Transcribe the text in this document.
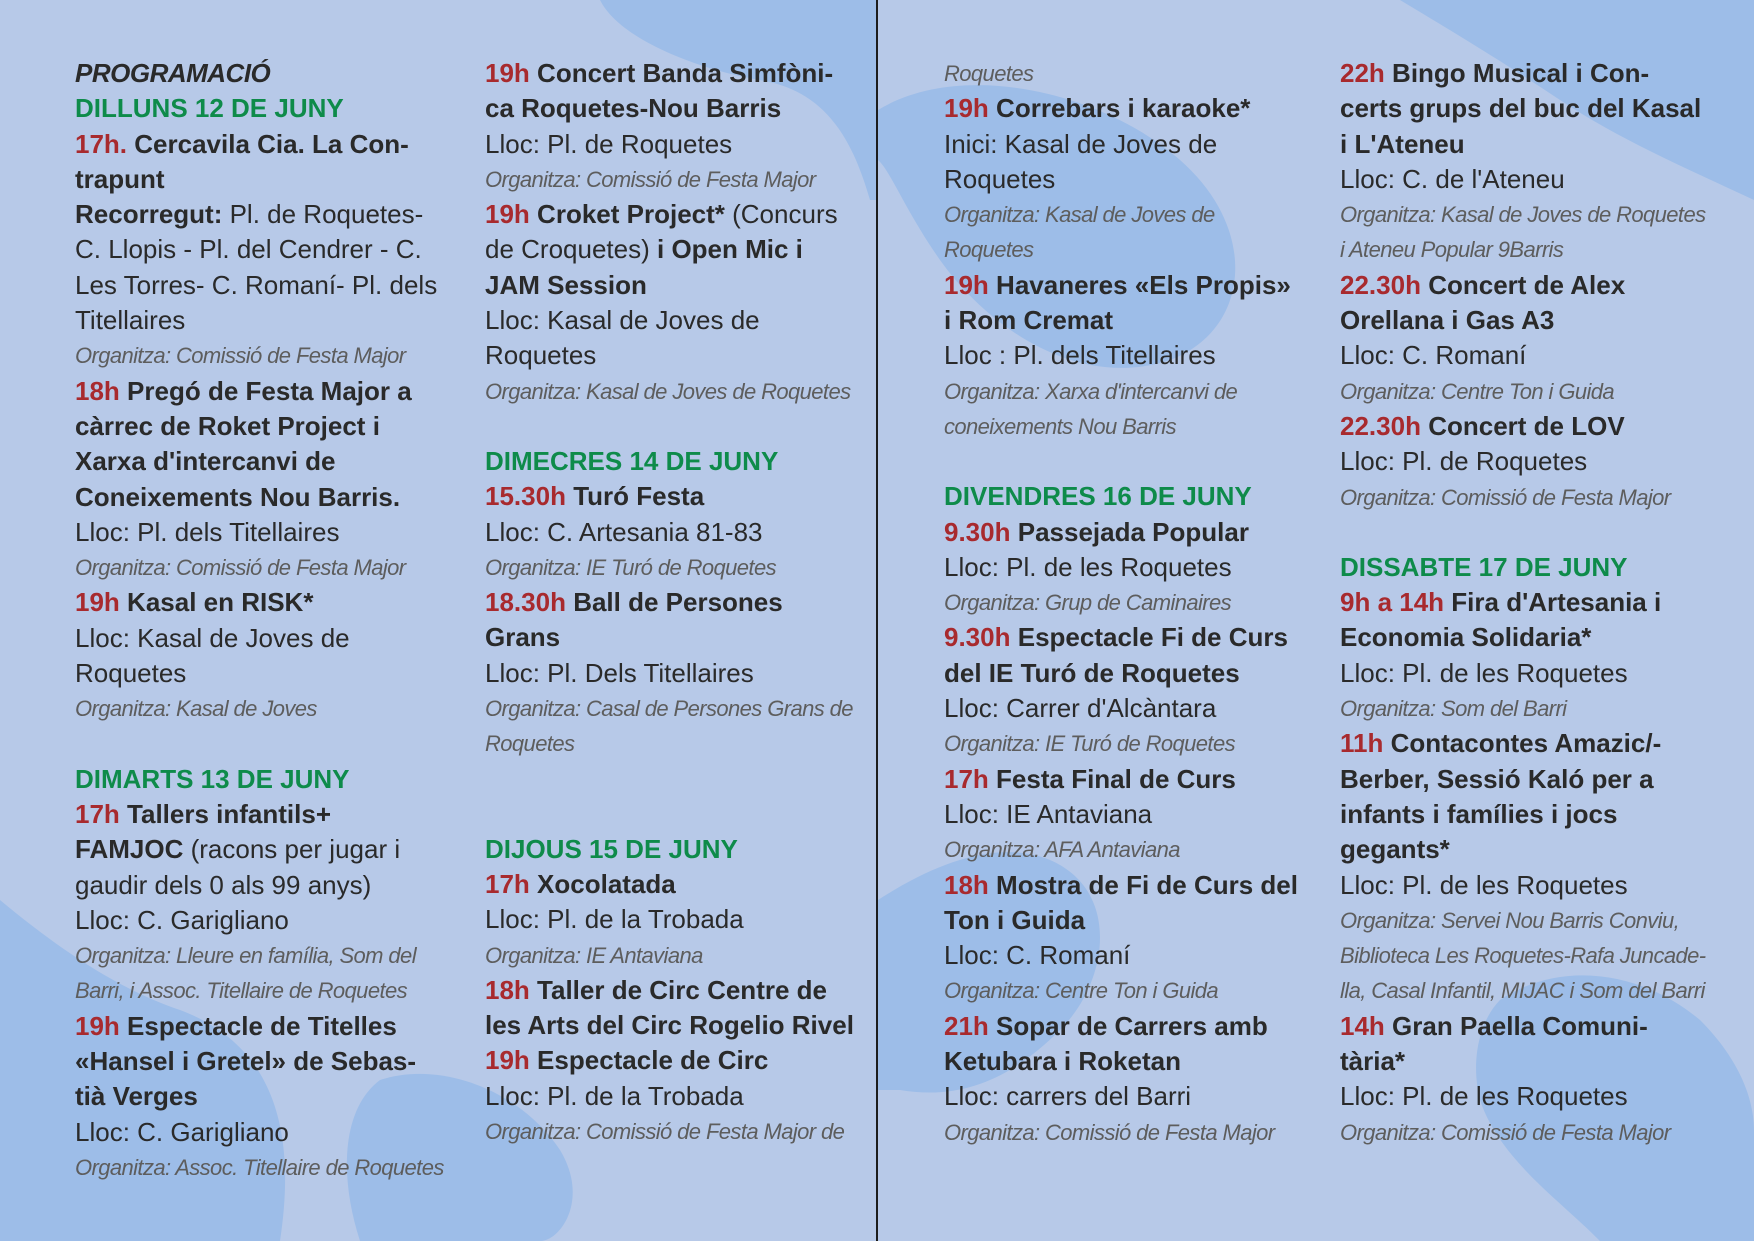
PROGRAMACIÓ
DILLUNS 12 DE JUNY
17h. Cercavila Cia. La Con-trapunt
Recorregut: Pl. de Roquetes- C. Llopis - Pl. del Cendrer - C. Les Torres- C. Romaní- Pl. dels Titellaires
Organitza: Comissió de Festa Major
18h Pregó de Festa Major a càrrec de Roket Project i Xarxa d'intercanvi de Coneixements Nou Barris.
Lloc: Pl. dels Titellaires
Organitza: Comissió de Festa Major
19h Kasal en RISK*
Lloc: Kasal de Joves de Roquetes
Organitza: Kasal de Joves
DIMARTS 13 DE JUNY
17h Tallers infantils+ FAMJOC (racons per jugar i gaudir dels 0 als 99 anys)
Lloc: C. Garigliano
Organitza: Lleure en família, Som del Barri, i Assoc. Titellaire de Roquetes
19h Espectacle de Titelles «Hansel i Gretel» de Sebas-tià Verges
Lloc: C. Garigliano
Organitza: Assoc. Titellaire de Roquetes
19h Concert Banda Simfòni-ca Roquetes-Nou Barris
Lloc: Pl. de Roquetes
Organitza: Comissió de Festa Major
19h Croket Project* (Concurs de Croquetes) i Open Mic i JAM Session
Lloc: Kasal de Joves de Roquetes
Organitza: Kasal de Joves de Roquetes
DIMECRES 14 DE JUNY
15.30h Turó Festa
Lloc: C. Artesania 81-83
Organitza: IE Turó de Roquetes
18.30h Ball de Persones Grans
Lloc: Pl. Dels Titellaires
Organitza: Casal de Persones Grans de Roquetes
DIJOUS 15 DE JUNY
17h Xocolatada
Lloc: Pl. de la Trobada
Organitza: IE Antaviana
18h Taller de Circ Centre de les Arts del Circ Rogelio Rivel
19h Espectacle de Circ
Lloc: Pl. de la Trobada
Organitza: Comissió de Festa Major de
Roquetes
19h Correbars i karaoke*
Inici: Kasal de Joves de Roquetes
Organitza: Kasal de Joves de Roquetes
19h Havaneres «Els Propis» i Rom Cremat
Lloc : Pl. dels Titellaires
Organitza: Xarxa d'intercanvi de coneixements Nou Barris
DIVENDRES 16 DE JUNY
9.30h Passejada Popular
Lloc: Pl. de les Roquetes
Organitza: Grup de Caminaires
9.30h Espectacle Fi de Curs del IE Turó de Roquetes
Lloc: Carrer d'Alcàntara
Organitza: IE Turó de Roquetes
17h Festa Final de Curs
Lloc: IE Antaviana
Organitza: AFA Antaviana
18h Mostra de Fi de Curs del Ton i Guida
Lloc: C. Romaní
Organitza: Centre Ton i Guida
21h Sopar de Carrers amb Ketubara i Roketan
Lloc: carrers del Barri
Organitza: Comissió de Festa Major
22h Bingo Musical i Con-certs grups del buc del Kasal i L'Ateneu
Lloc: C. de l'Ateneu
Organitza: Kasal de Joves de Roquetes i Ateneu Popular 9Barris
22.30h Concert de Alex Orellana i Gas A3
Lloc: C. Romaní
Organitza: Centre Ton i Guida
22.30h Concert de LOV
Lloc: Pl. de Roquetes
Organitza: Comissió de Festa Major
DISSABTE 17 DE JUNY
9h a 14h Fira d'Artesania i Economia Solidaria*
Lloc: Pl. de les Roquetes
Organitza: Som del Barri
11h Contacontes Amazic/-Berber, Sessió Kaló per a infants i famílies i jocs gegants*
Lloc: Pl. de les Roquetes
Organitza: Servei Nou Barris Conviu, Biblioteca Les Roquetes-Rafa Juncade-lla, Casal Infantil, MIJAC i Som del Barri
14h Gran Paella Comuni-tària*
Lloc: Pl. de les Roquetes
Organitza: Comissió de Festa Major
